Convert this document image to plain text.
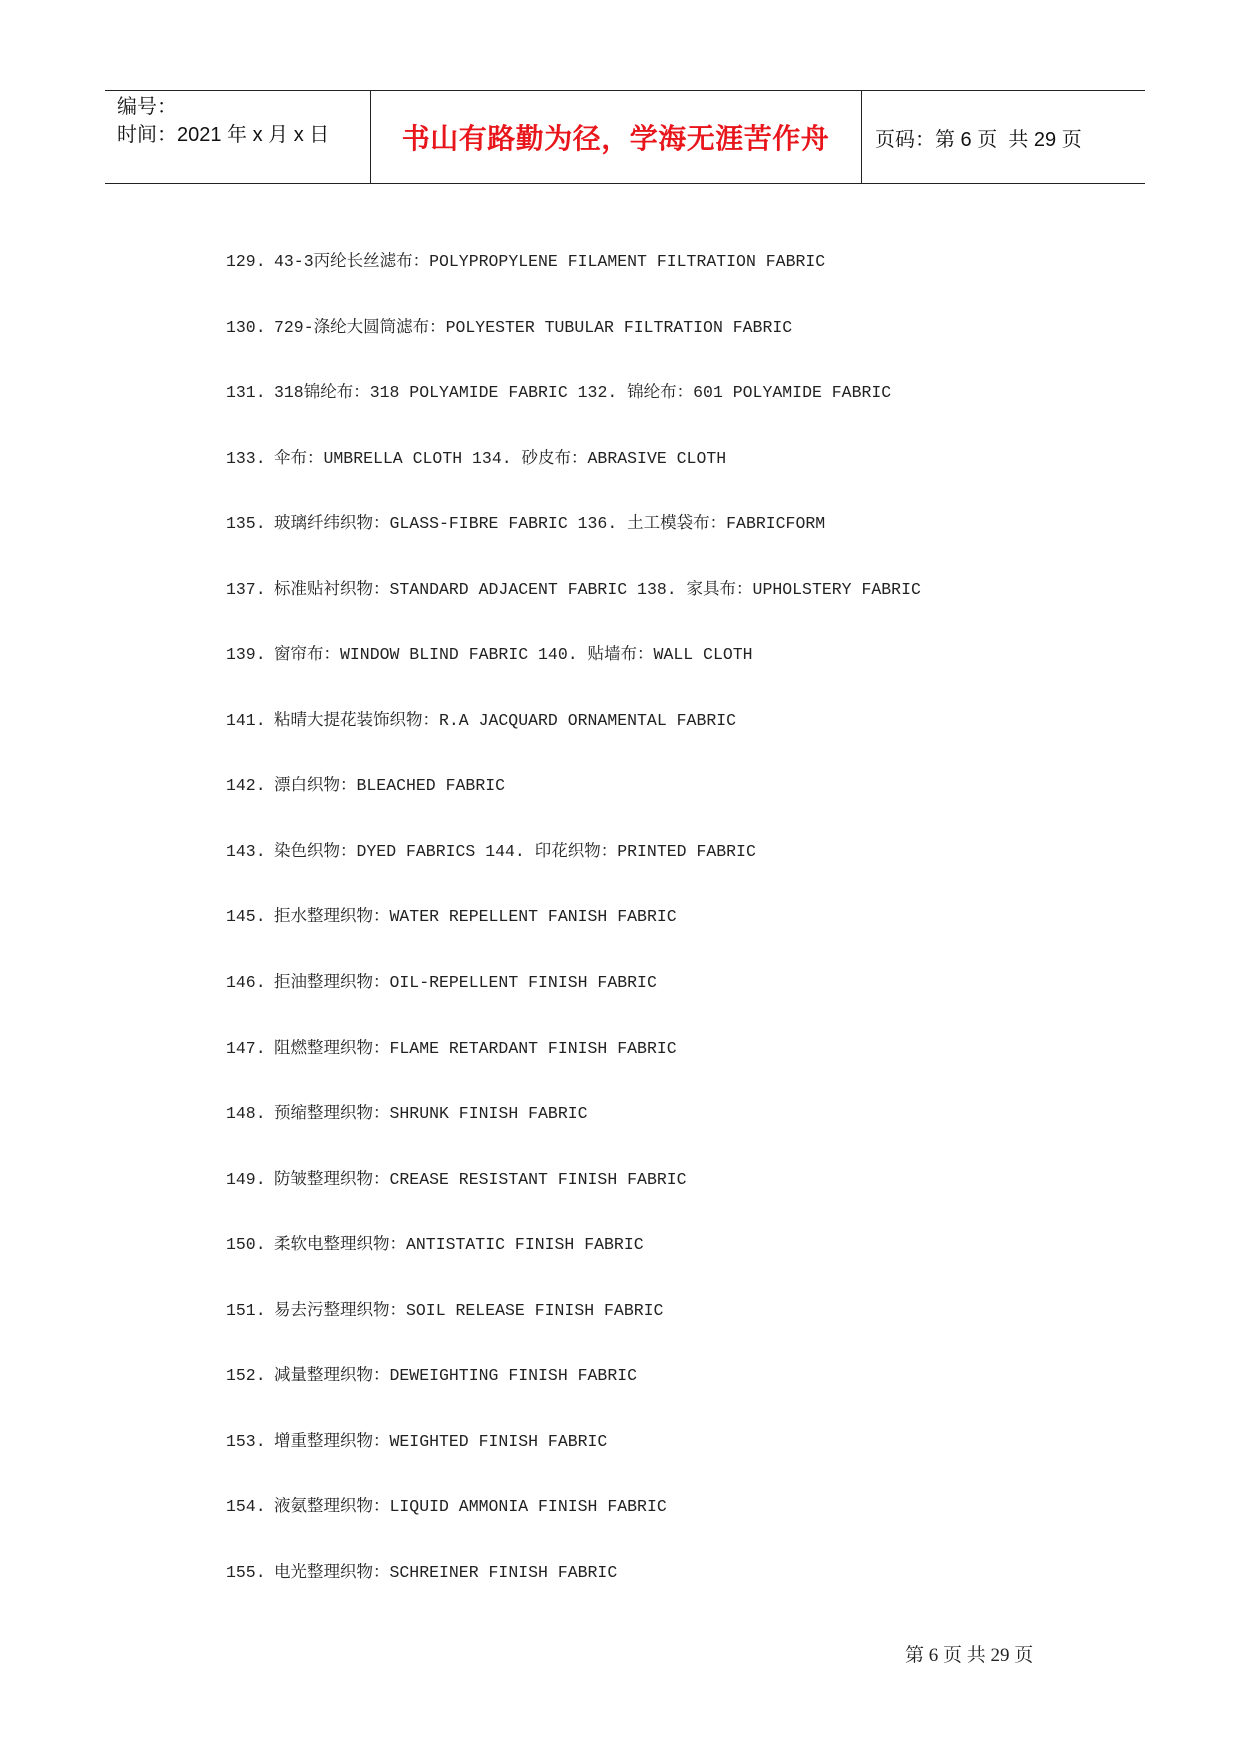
编号：
时间：2021 年 x 月 x 日	书山有路勤为径，学海无涯苦作舟	页码：第 6 页  共 29 页
129. 43-3丙纶长丝滤布：POLYPROPYLENE FILAMENT FILTRATION FABRIC
130. 729-涤纶大圆筒滤布：POLYESTER TUBULAR FILTRATION FABRIC
131. 318锦纶布：318 POLYAMIDE FABRIC 132. 锦纶布：601 POLYAMIDE FABRIC
133. 伞布：UMBRELLA CLOTH 134. 砂皮布：ABRASIVE CLOTH
135. 玻璃纤纬织物：GLASS-FIBRE FABRIC 136. 土工模袋布：FABRICFORM
137. 标准贴衬织物：STANDARD ADJACENT FABRIC 138. 家具布：UPHOLSTERY FABRIC
139. 窗帘布：WINDOW BLIND FABRIC 140. 贴墙布：WALL CLOTH
141. 粘晴大提花装饰织物：R.A JACQUARD ORNAMENTAL FABRIC
142. 漂白织物：BLEACHED FABRIC
143. 染色织物：DYED FABRICS 144. 印花织物：PRINTED FABRIC
145. 拒水整理织物：WATER REPELLENT FANISH FABRIC
146. 拒油整理织物：OIL-REPELLENT FINISH FABRIC
147. 阻燃整理织物：FLAME RETARDANT FINISH FABRIC
148. 预缩整理织物：SHRUNK FINISH FABRIC
149. 防皱整理织物：CREASE RESISTANT FINISH FABRIC
150. 柔软电整理织物：ANTISTATIC FINISH FABRIC
151. 易去污整理织物：SOIL RELEASE FINISH FABRIC
152. 减量整理织物：DEWEIGHTING FINISH FABRIC
153. 增重整理织物：WEIGHTED FINISH FABRIC
154. 液氨整理织物：LIQUID AMMONIA FINISH FABRIC
155. 电光整理织物：SCHREINER FINISH FABRIC
第 6 页 共 29 页
